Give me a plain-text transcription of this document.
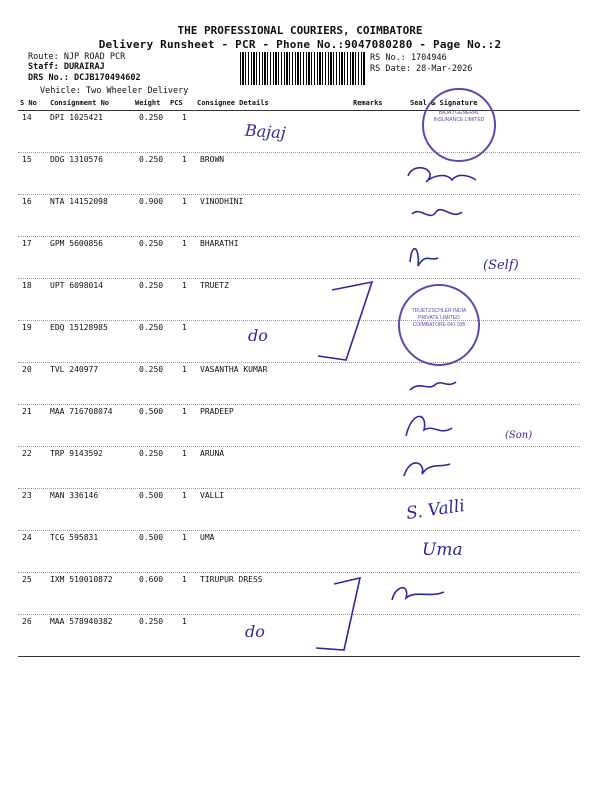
THE PROFESSIONAL COURIERS, COIMBATORE
Delivery Runsheet - PCR - Phone No.:9047080280 - Page No.:2
Route: NJP ROAD PCR
Staff: DURAIRAJ
DRS No.: DCJB170494602
Vehicle: Two Wheeler Delivery
RS No.: 1704946
RS Date: 28-Mar-2026
S No Consignment No	Weight PCS Consignee Details	Remarks	Seal & Signature
14 DPI 1025421	0.250 1
15 DDG 1310576	0.250 1 BROWN
16 NTA 14152098	0.900 1 VINODHINI
17 GPM 5600856	0.250 1 BHARATHI
18 UPT 6098014	0.250 1 TRUETZ
19 EDQ 15128985	0.250 1
20 TVL 240977	0.250 1 VASANTHA KUMAR
21 MAA 716708074	0.500 1 PRADEEP
22 TRP 9143592	0.250 1 ARUNA
23 MAN 336146	0.500 1 VALLI
24 TCG 595831	0.500 1 UMA
25 IXM 510010872	0.600 1 TIRUPUR DRESS
26 MAA 578940382	0.250 1
Bajaj
do
do
(Self)
(Son)
S. Valli
Uma
BAJAJ GENERAL INSURANCE LIMITED
TRUETZSCHLER INDIA PRIVATE LIMITED COIMBATORE 641 035
